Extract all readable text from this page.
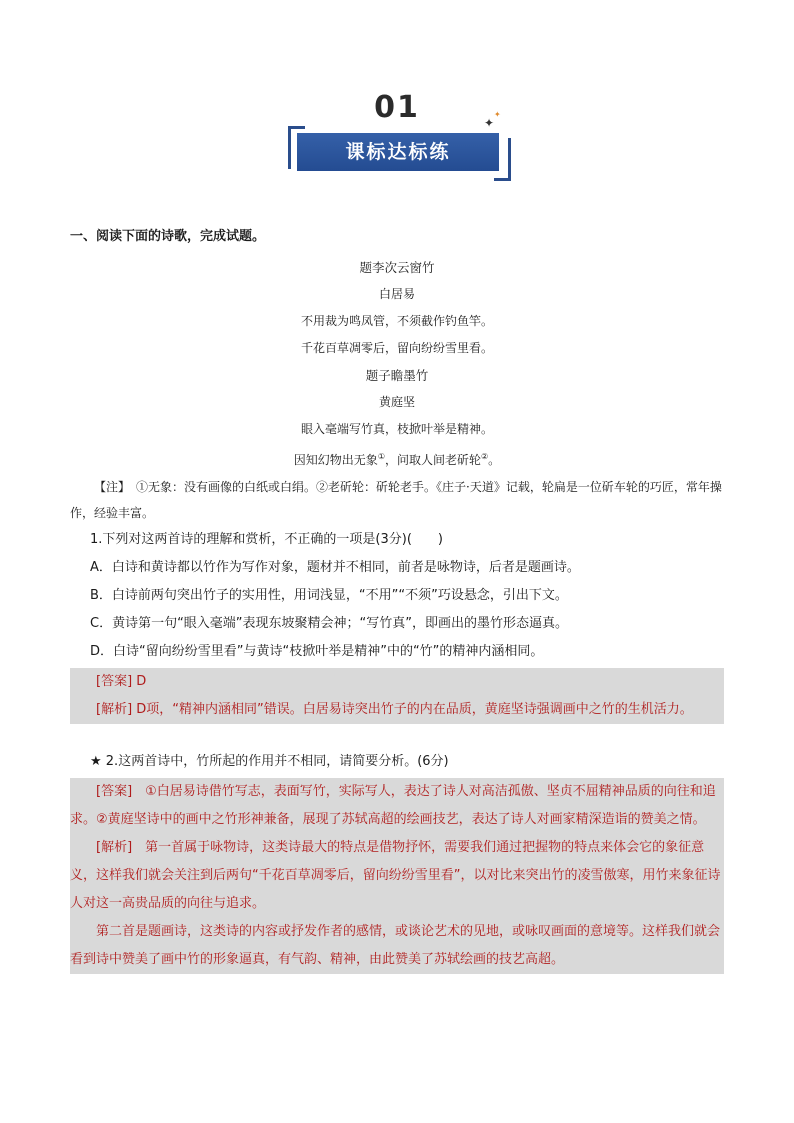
01	✦
✦
课标达标练
一、阅读下面的诗歌，完成试题。

题李次云窗竹

白居易

不用裁为鸣凤管，不须截作钓鱼竿。

千花百草凋零后，留向纷纷雪里看。

题子瞻墨竹

黄庭坚

眼入毫端写竹真，枝掀叶举是精神。

因知幻物出无象①，问取人间老斫轮②。

【注】　①无象：没有画像的白纸或白绢。②老斫轮：斫轮老手。《庄子·天道》记载，轮扁是一位斫车轮的巧匠，常年操作，经验丰富。

1.下列对这两首诗的理解和赏析，不正确的一项是(3分)(　　)

A．白诗和黄诗都以竹作为写作对象，题材并不相同，前者是咏物诗，后者是题画诗。

B．白诗前两句突出竹子的实用性，用词浅显，“不用”“不须”巧设悬念，引出下文。

C．黄诗第一句“眼入毫端”表现东坡聚精会神；“写竹真”，即画出的墨竹形态逼真。

D．白诗“留向纷纷雪里看”与黄诗“枝掀叶举是精神”中的“竹”的精神内涵相同。

[答案] D

[解析] D项，“精神内涵相同”错误。白居易诗突出竹子的内在品质，黄庭坚诗强调画中之竹的生机活力。

★ 2.这两首诗中，竹所起的作用并不相同，请简要分析。(6分)

[答案]　①白居易诗借竹写志，表面写竹，实际写人，表达了诗人对高洁孤傲、坚贞不屈精神品质的向往和追求。②黄庭坚诗中的画中之竹形神兼备，展现了苏轼高超的绘画技艺，表达了诗人对画家精深造诣的赞美之情。

[解析]　第一首属于咏物诗，这类诗最大的特点是借物抒怀，需要我们通过把握物的特点来体会它的象征意义，这样我们就会关注到后两句“千花百草凋零后，留向纷纷雪里看”，以对比来突出竹的凌雪傲寒，用竹来象征诗人对这一高贵品质的向往与追求。

第二首是题画诗，这类诗的内容或抒发作者的感情，或谈论艺术的见地，或咏叹画面的意境等。这样我们就会看到诗中赞美了画中竹的形象逼真，有气韵、精神，由此赞美了苏轼绘画的技艺高超。
